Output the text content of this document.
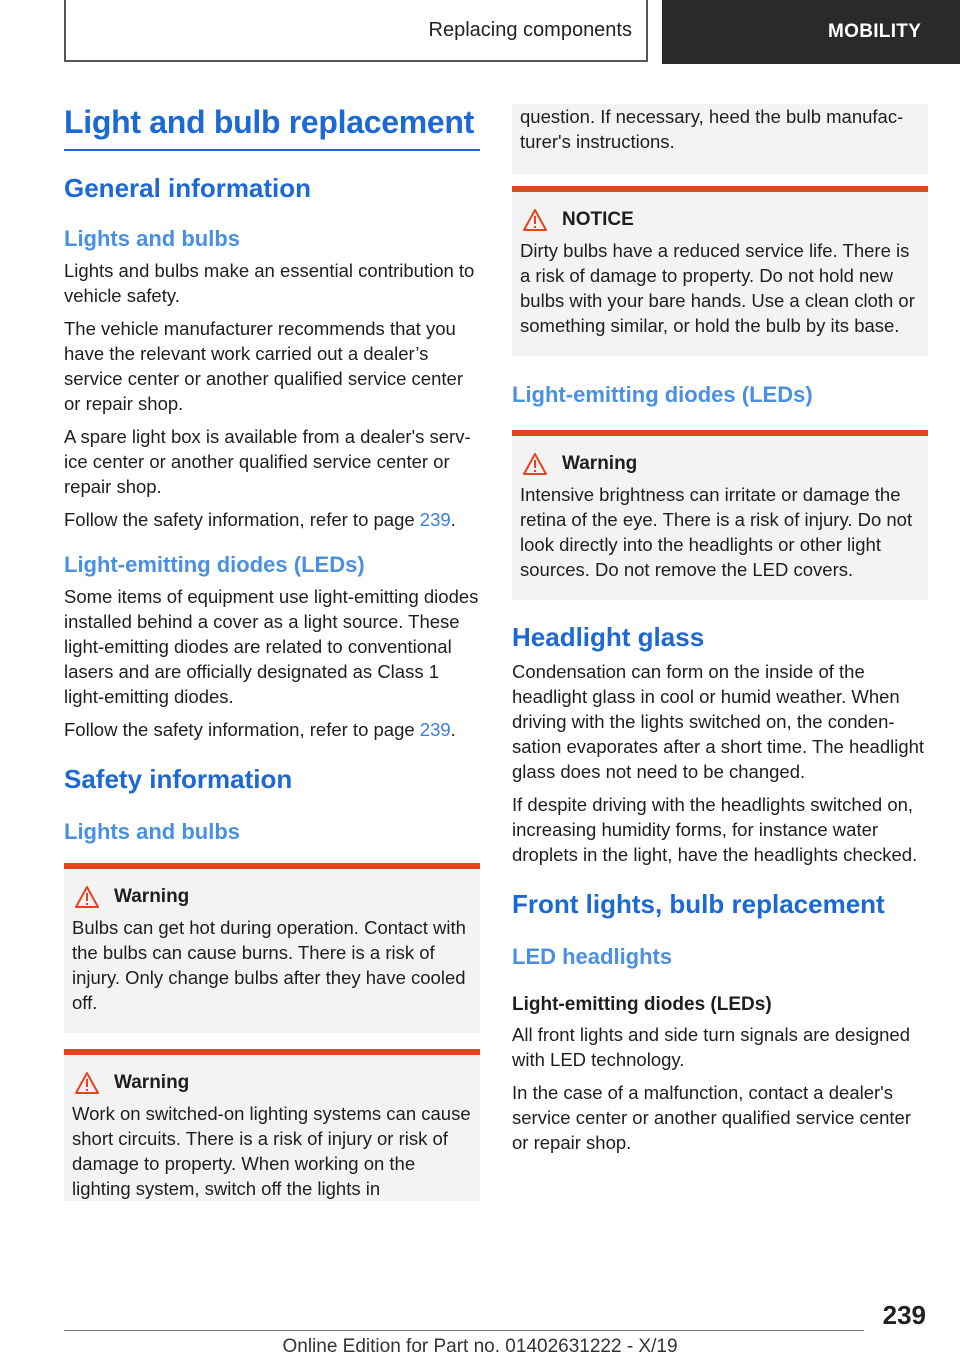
Replacing components	MOBILITY
Light and bulb replacement
General information
Lights and bulbs

Lights and bulbs make an essential contribution to vehicle safety.

The vehicle manufacturer recommends that you have the relevant work carried out a dealer’s service center or another qualified service center or repair shop.

A spare light box is available from a dealer's service center or another qualified service center or repair shop.

Follow the safety information, refer to page 239.

Light-emitting diodes (LEDs)

Some items of equipment use light-emitting diodes installed behind a cover as a light source. These light-emitting diodes are related to conventional lasers and are officially designated as Class 1 light-emitting diodes.

Follow the safety information, refer to page 239.

Safety information
Lights and bulbs
Warning

Bulbs can get hot during operation. Contact with the bulbs can cause burns. There is a risk of injury. Only change bulbs after they have cooled off.

Warning

Work on switched-on lighting systems can cause short circuits. There is a risk of injury or risk of damage to property. When working on the lighting system, switch off the lights in

question. If necessary, heed the bulb manufacturer's instructions.

NOTICE

Dirty bulbs have a reduced service life. There is a risk of damage to property. Do not hold new bulbs with your bare hands. Use a clean cloth or something similar, or hold the bulb by its base.

Light-emitting diodes (LEDs)
Warning

Intensive brightness can irritate or damage the retina of the eye. There is a risk of injury. Do not look directly into the headlights or other light sources. Do not remove the LED covers.

Headlight glass

Condensation can form on the inside of the headlight glass in cool or humid weather. When driving with the lights switched on, the condensation evaporates after a short time. The headlight glass does not need to be changed.

If despite driving with the headlights switched on, increasing humidity forms, for instance water droplets in the light, have the headlights checked.

Front lights, bulb replacement
LED headlights
Light-emitting diodes (LEDs)

All front lights and side turn signals are designed with LED technology.

In the case of a malfunction, contact a dealer's service center or another qualified service center or repair shop.

239
Online Edition for Part no. 01402631222 - X/19
